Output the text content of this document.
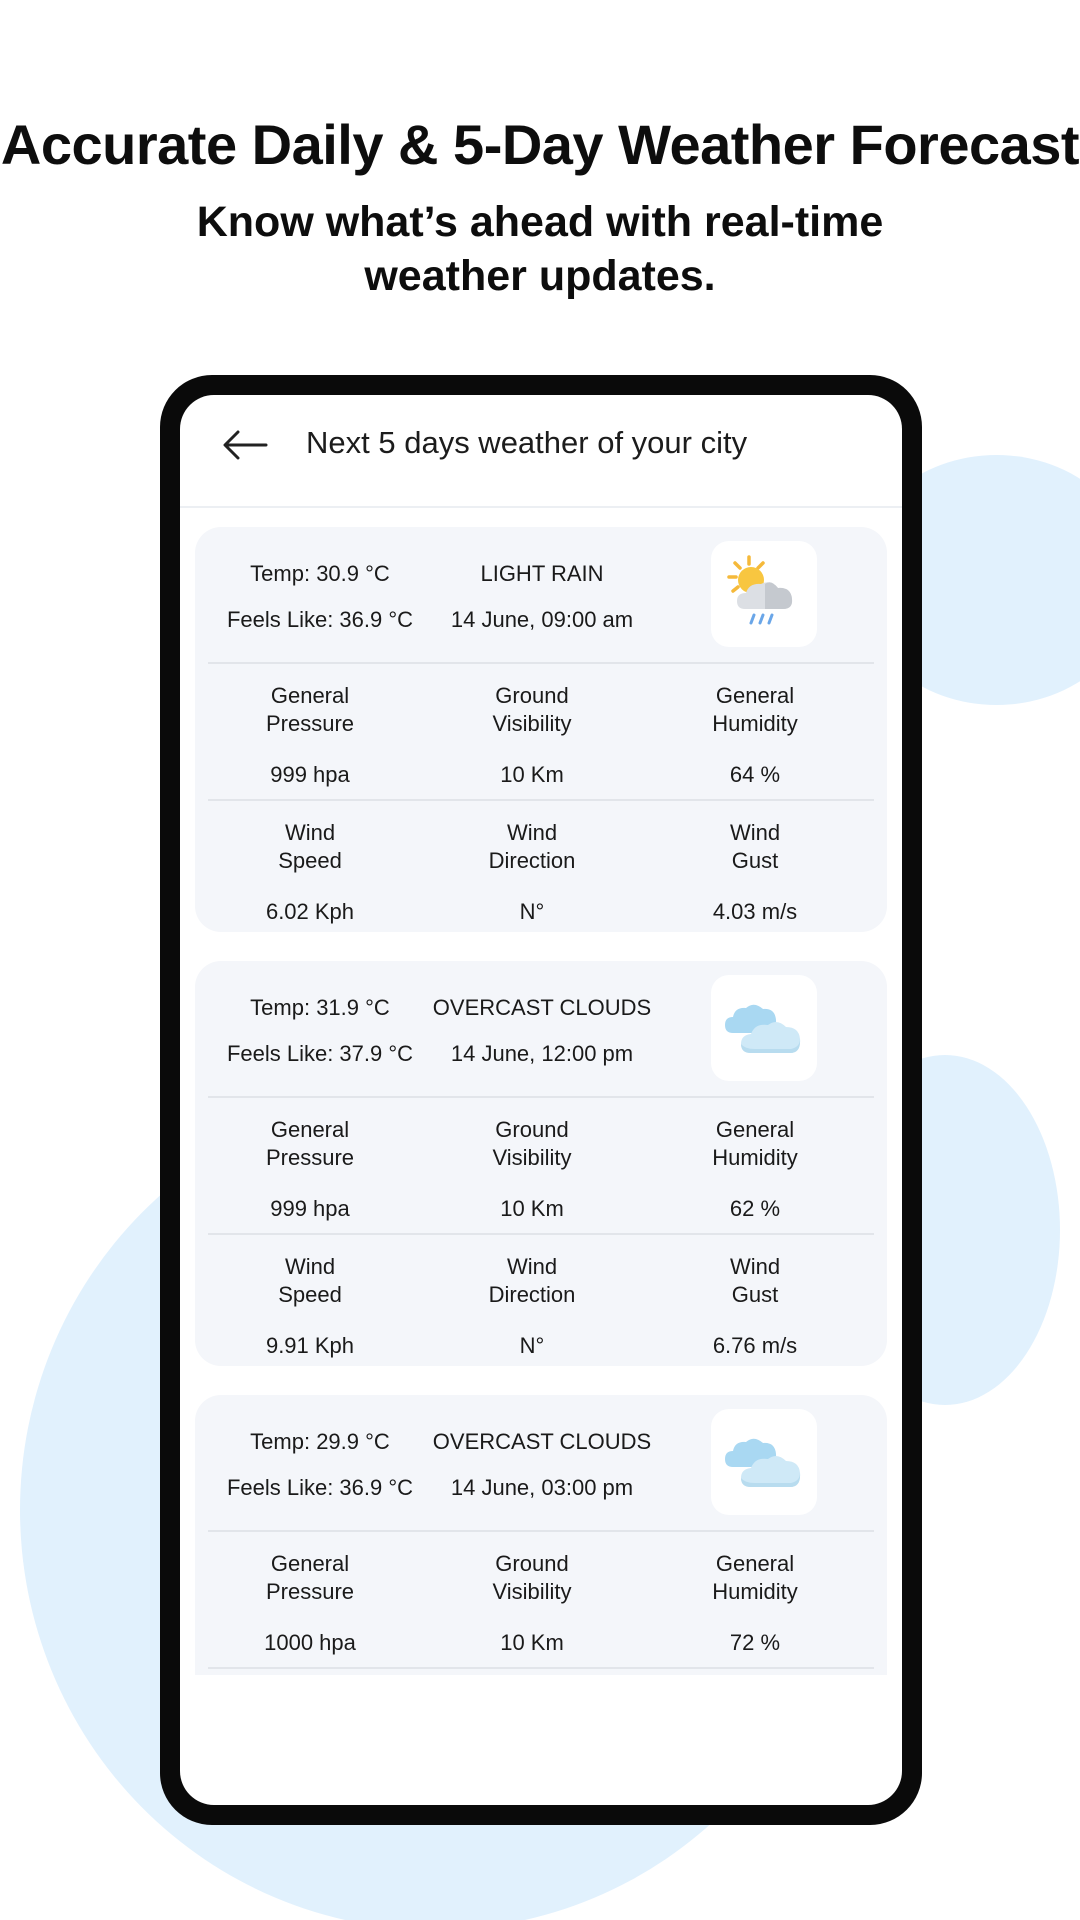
Accurate Daily & 5-Day Weather Forecast
Know what’s ahead with real-time
weather updates.
Next 5 days weather of your city
Temp: 30.9 °C
Feels Like: 36.9 °C
LIGHT RAIN
14 June, 09:00 am
General
Pressure
999 hpa
Ground
Visibility
10 Km
General
Humidity
64 %
Wind
Speed
6.02 Kph
Wind
Direction
N°
Wind
Gust
4.03 m/s
Temp: 31.9 °C
Feels Like: 37.9 °C
OVERCAST CLOUDS
14 June, 12:00 pm
General
Pressure
999 hpa
Ground
Visibility
10 Km
General
Humidity
62 %
Wind
Speed
9.91 Kph
Wind
Direction
N°
Wind
Gust
6.76 m/s
Temp: 29.9 °C
Feels Like: 36.9 °C
OVERCAST CLOUDS
14 June, 03:00 pm
General
Pressure
1000 hpa
Ground
Visibility
10 Km
General
Humidity
72 %
